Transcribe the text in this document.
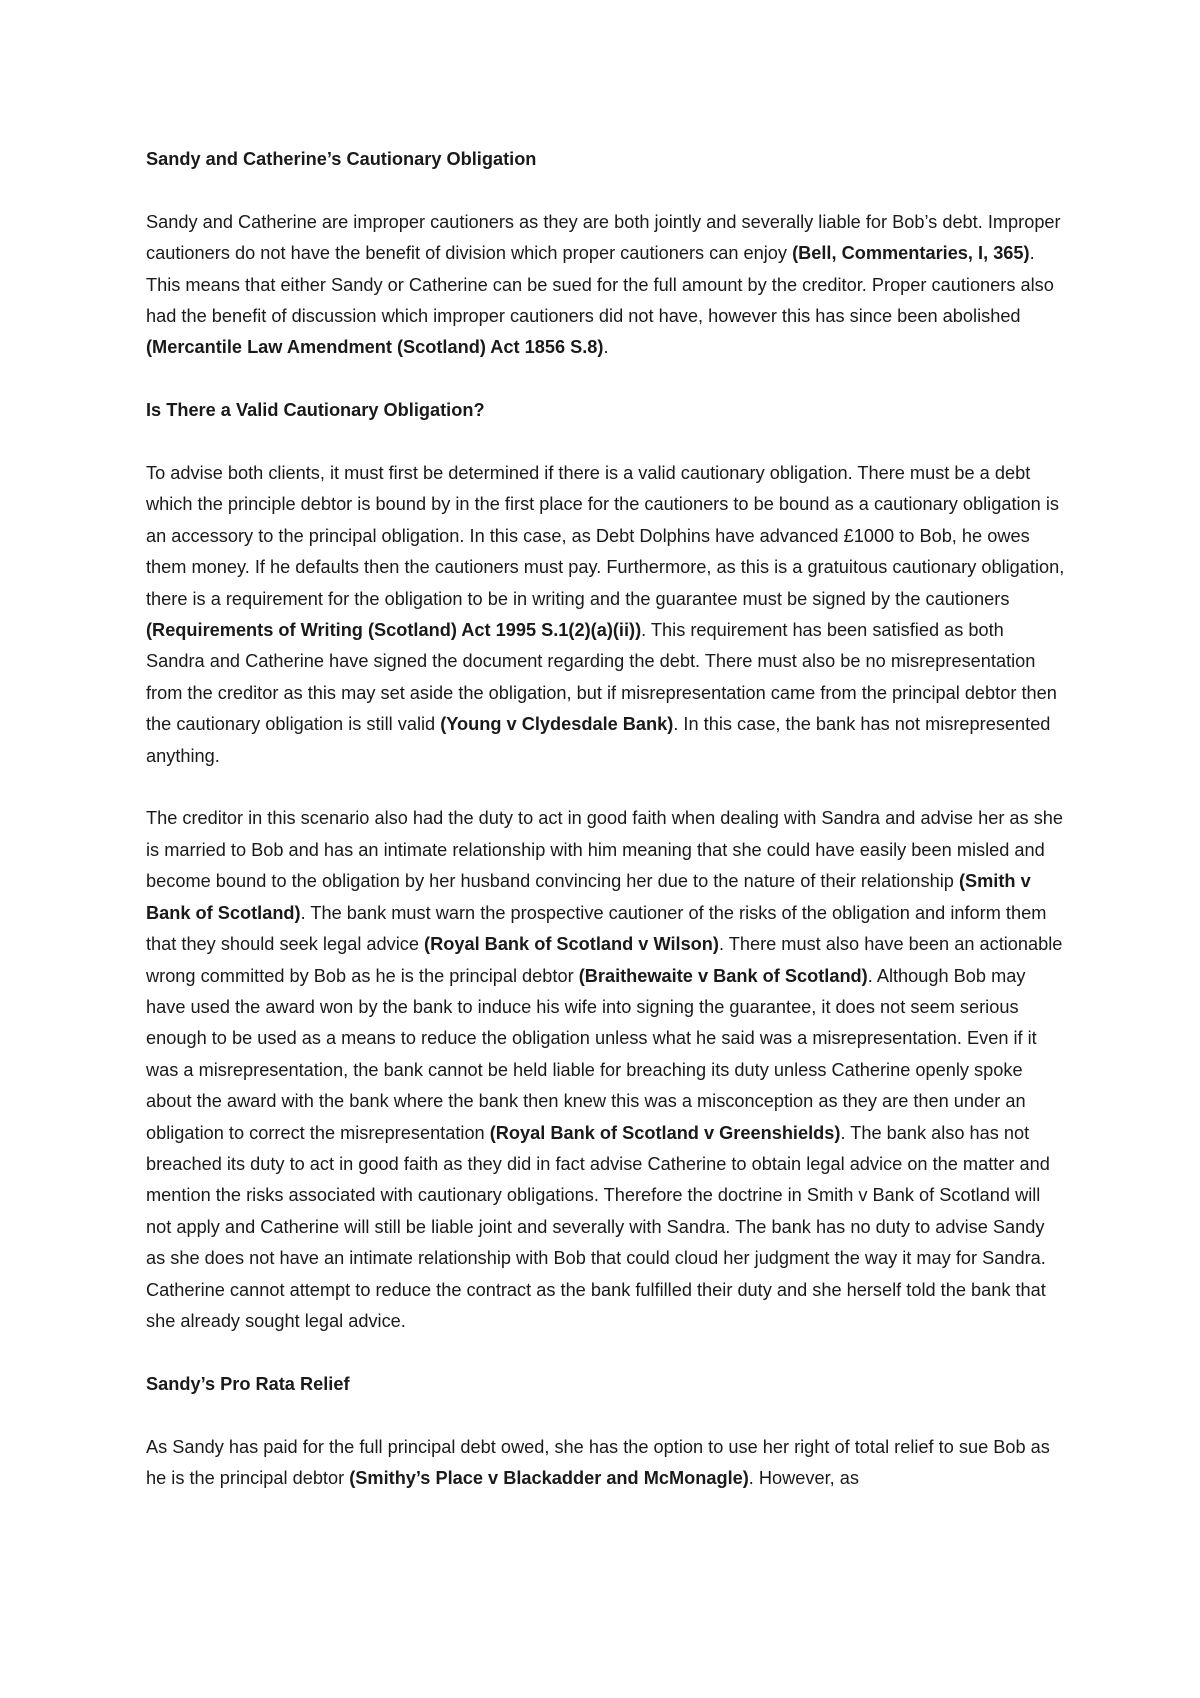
Sandy and Catherine’s Cautionary Obligation

Sandy and Catherine are improper cautioners as they are both jointly and severally liable for Bob’s debt. Improper cautioners do not have the benefit of division which proper cautioners can enjoy (Bell, Commentaries, I, 365). This means that either Sandy or Catherine can be sued for the full amount by the creditor. Proper cautioners also had the benefit of discussion which improper cautioners did not have, however this has since been abolished (Mercantile Law Amendment (Scotland) Act 1856 S.8).

Is There a Valid Cautionary Obligation?

To advise both clients, it must first be determined if there is a valid cautionary obligation. There must be a debt which the principle debtor is bound by in the first place for the cautioners to be bound as a cautionary obligation is an accessory to the principal obligation. In this case, as Debt Dolphins have advanced £1000 to Bob, he owes them money. If he defaults then the cautioners must pay. Furthermore, as this is a gratuitous cautionary obligation, there is a requirement for the obligation to be in writing and the guarantee must be signed by the cautioners (Requirements of Writing (Scotland) Act 1995 S.1(2)(a)(ii)). This requirement has been satisfied as both Sandra and Catherine have signed the document regarding the debt. There must also be no misrepresentation from the creditor as this may set aside the obligation, but if misrepresentation came from the principal debtor then the cautionary obligation is still valid (Young v Clydesdale Bank). In this case, the bank has not misrepresented anything.

The creditor in this scenario also had the duty to act in good faith when dealing with Sandra and advise her as she is married to Bob and has an intimate relationship with him meaning that she could have easily been misled and become bound to the obligation by her husband convincing her due to the nature of their relationship (Smith v Bank of Scotland). The bank must warn the prospective cautioner of the risks of the obligation and inform them that they should seek legal advice (Royal Bank of Scotland v Wilson). There must also have been an actionable wrong committed by Bob as he is the principal debtor (Braithewaite v Bank of Scotland). Although Bob may have used the award won by the bank to induce his wife into signing the guarantee, it does not seem serious enough to be used as a means to reduce the obligation unless what he said was a misrepresentation. Even if it was a misrepresentation, the bank cannot be held liable for breaching its duty unless Catherine openly spoke about the award with the bank where the bank then knew this was a misconception as they are then under an obligation to correct the misrepresentation (Royal Bank of Scotland v Greenshields). The bank also has not breached its duty to act in good faith as they did in fact advise Catherine to obtain legal advice on the matter and mention the risks associated with cautionary obligations. Therefore the doctrine in Smith v Bank of Scotland will not apply and Catherine will still be liable joint and severally with Sandra. The bank has no duty to advise Sandy as she does not have an intimate relationship with Bob that could cloud her judgment the way it may for Sandra. Catherine cannot attempt to reduce the contract as the bank fulfilled their duty and she herself told the bank that she already sought legal advice.

Sandy’s Pro Rata Relief

As Sandy has paid for the full principal debt owed, she has the option to use her right of total relief to sue Bob as he is the principal debtor (Smithy’s Place v Blackadder and McMonagle). However, as
